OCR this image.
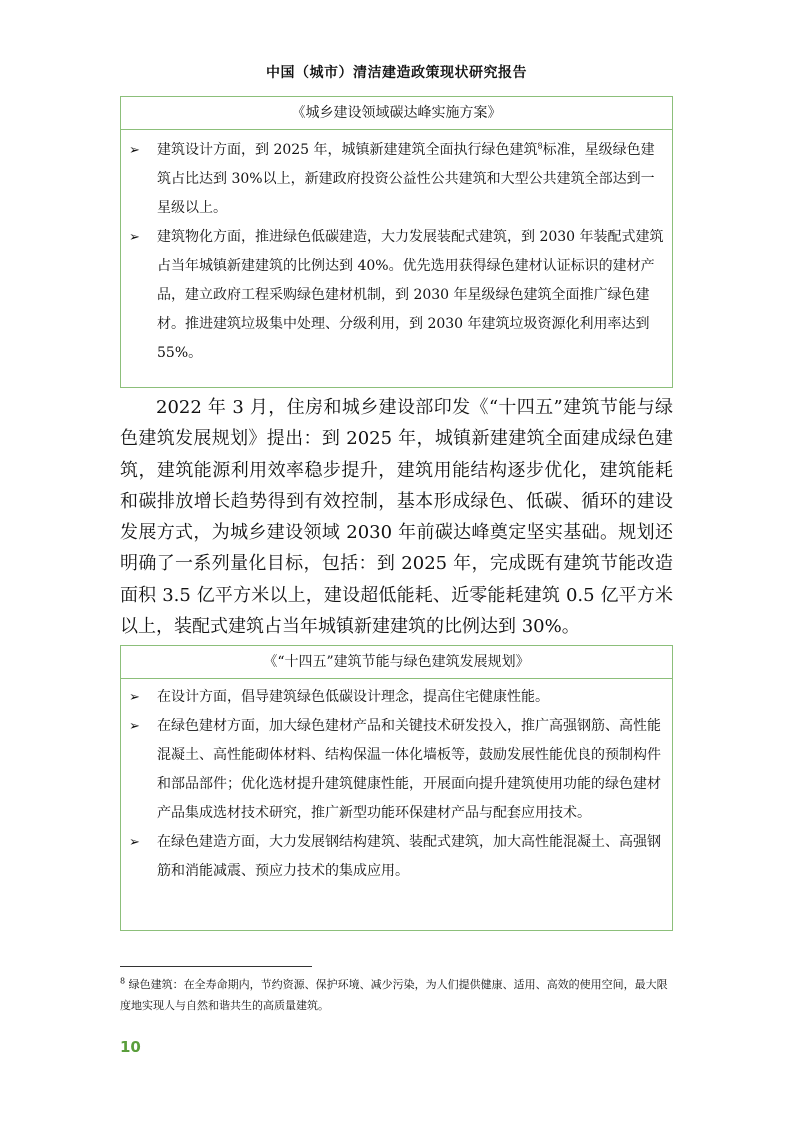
中国（城市）清洁建造政策现状研究报告
《城乡建设领域碳达峰实施方案》
➢ 建筑设计方面，到 2025 年，城镇新建建筑全面执行绿色建筑$^8$标准，星级绿色建筑占比达到 30%以上，新建政府投资公益性公共建筑和大型公共建筑全部达到一星级以上。
➢ 建筑物化方面，推进绿色低碳建造，大力发展装配式建筑，到 2030 年装配式建筑占当年城镇新建建筑的比例达到 40%。优先选用获得绿色建材认证标识的建材产品，建立政府工程采购绿色建材机制，到 2030 年星级绿色建筑全面推广绿色建材。推进建筑垃圾集中处理、分级利用，到 2030 年建筑垃圾资源化利用率达到 55%。

2022 年 3 月，住房和城乡建设部印发《“十四五”建筑节能与绿色建筑发展规划》提出：到 2025 年，城镇新建建筑全面建成绿色建筑，建筑能源利用效率稳步提升，建筑用能结构逐步优化，建筑能耗和碳排放增长趋势得到有效控制，基本形成绿色、低碳、循环的建设发展方式，为城乡建设领域 2030 年前碳达峰奠定坚实基础。规划还明确了一系列量化目标，包括：到 2025 年，完成既有建筑节能改造面积 3.5 亿平方米以上，建设超低能耗、近零能耗建筑 0.5 亿平方米以上，装配式建筑占当年城镇新建建筑的比例达到 30%。

《“十四五”建筑节能与绿色建筑发展规划》
➢ 在设计方面，倡导建筑绿色低碳设计理念，提高住宅健康性能。
➢ 在绿色建材方面，加大绿色建材产品和关键技术研发投入，推广高强钢筋、高性能混凝土、高性能砌体材料、结构保温一体化墙板等，鼓励发展性能优良的预制构件和部品部件；优化选材提升建筑健康性能，开展面向提升建筑使用功能的绿色建材产品集成选材技术研究，推广新型功能环保建材产品与配套应用技术。
➢ 在绿色建造方面，大力发展钢结构建筑、装配式建筑，加大高性能混凝土、高强钢筋和消能减震、预应力技术的集成应用。

$^8$ 绿色建筑：在全寿命期内，节约资源、保护环境、减少污染，为人们提供健康、适用、高效的使用空间，最大限度地实现人与自然和谐共生的高质量建筑。

10
